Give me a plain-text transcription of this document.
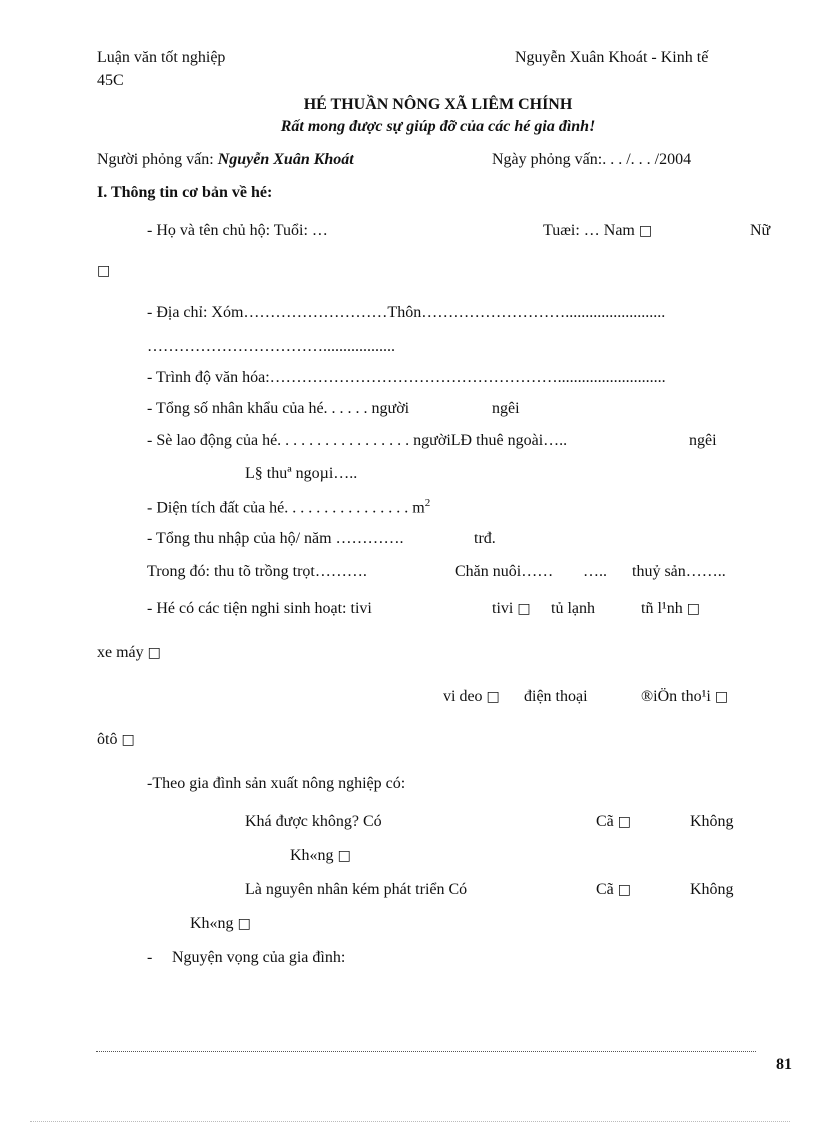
Luận văn tốt nghiệp	Nguyễn Xuân Khoát - Kinh tế
45C
HÉ THUẦN NÔNG XÃ LIÊM CHÍNH
Rất mong được sự giúp đỡ của các hé gia đình!
Người phỏng vấn: Nguyễn Xuân Khoát	Ngày phỏng vấn:. . . /. . . /2004
I. Thông tin cơ bản về hé:
- Họ và tên chủ hộ: Tuổi: …	Tuæi: … Nam □	Nữ
□
- Địa chỉ: Xóm………………………Thôn……………………….........................
……………………………..................
- Trình độ văn hóa:………………………………………………...........................
- Tổng số nhân khẩu của hé. . . . . . người	ngêi
- Sè lao động của hé. . . . . . . . . . . . . . . . . ngườiLĐ thuê ngoài…..	ngêi
L§ thuª ngoµi…..
- Diện tích đất của hé. . . . . . . . . . . . . . . . $m^2$
- Tổng thu nhập của hộ/ năm ………….	trđ.
Trong đó: thu tõ trồng trọt……….	Chăn nuôi…… ….. thuỷ sản……..
- Hé có các tiện nghi sinh hoạt: tivi	tivi □ tủ lạnh	tñ l¹nh □
xe máy □
vi deo □ điện thoại	®iÖn tho¹i □
ôtô □
-Theo gia đình sản xuất nông nghiệp có:
Khá được không? Có	Cã □	Không
Kh«ng □
Là nguyên nhân kém phát triển Có	Cã □	Không
Kh«ng □
- Nguyện vọng của gia đình:
81
